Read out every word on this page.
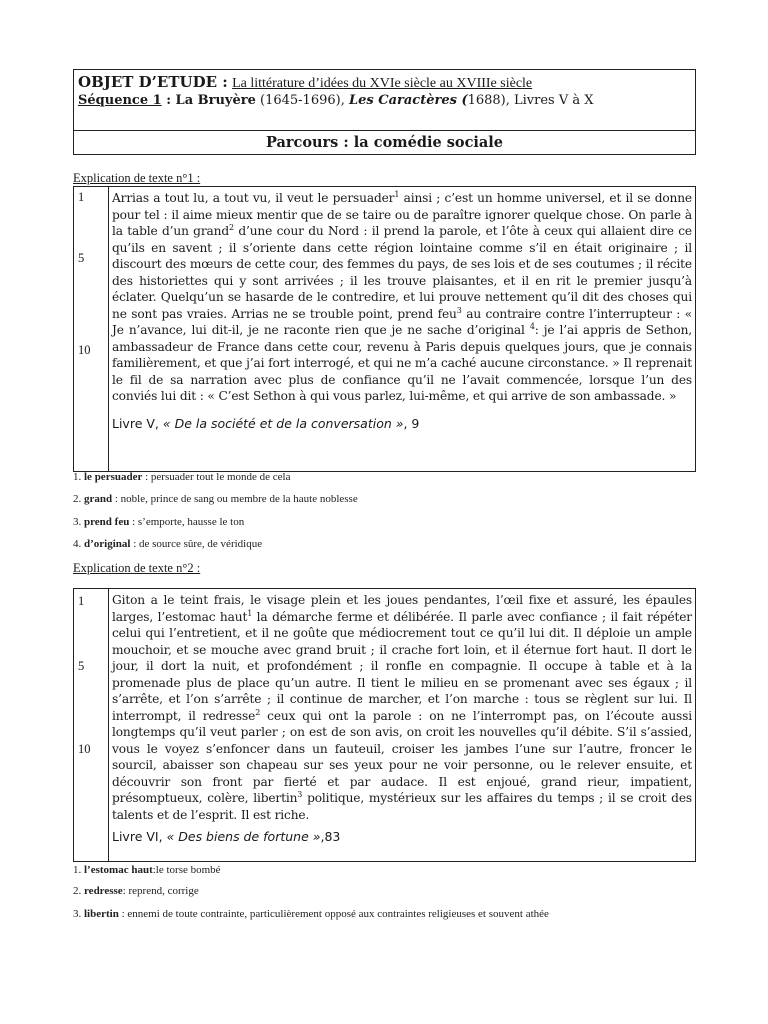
OBJET D’ETUDE : La littérature d’idées du XVIe siècle au XVIIIe siècle
Séquence 1 : La Bruyère (1645-1696), Les Caractères (1688), Livres V à X
Parcours : la comédie sociale
Explication de texte n°1 :
1
5
10

Arrias a tout lu, a tout vu, il veut le persuader$^1$ ainsi ; c’est un homme universel, et il se donne pour tel : il aime mieux mentir que de se taire ou de paraître ignorer quelque chose. On parle à la table d’un grand$^2$ d’une cour du Nord : il prend la parole, et l’ôte à ceux qui allaient dire ce qu’ils en savent ; il s’oriente dans cette région lointaine comme s’il en était originaire ; il discourt des mœurs de cette cour, des femmes du pays, de ses lois et de ses coutumes ; il récite des historiettes qui y sont arrivées ; il les trouve plaisantes, et il en rit le premier jusqu’à éclater. Quelqu’un se hasarde de le contredire, et lui prouve nettement qu’il dit des choses qui ne sont pas vraies. Arrias ne se trouble point, prend feu$^3$ au contraire contre l’interrupteur : « Je n’avance, lui dit-il, je ne raconte rien que je ne sache d’original $^4$: je l’ai appris de Sethon, ambassadeur de France dans cette cour, revenu à Paris depuis quelques jours, que je connais familièrement, et que j’ai fort interrogé, et qui ne m’a caché aucune circonstance. » Il reprenait le fil de sa narration avec plus de confiance qu’il ne l’avait commencée, lorsque l’un des conviés lui dit : « C’est Sethon à qui vous parlez, lui-même, et qui arrive de son ambassade. »

Livre V, « De la société et de la conversation », 9
1. le persuader : persuader tout le monde de cela
2. grand : noble, prince de sang ou membre de la haute noblesse
3. prend feu : s’emporte, hausse le ton
4. d’original : de source sûre, de véridique
Explication de texte n°2 :
1
5
10

Giton a le teint frais, le visage plein et les joues pendantes, l’œil fixe et assuré, les épaules larges, l’estomac haut$^1$ la démarche ferme et délibérée. Il parle avec confiance ; il fait répéter celui qui l’entretient, et il ne goûte que médiocrement tout ce qu’il lui dit. Il déploie un ample mouchoir, et se mouche avec grand bruit ; il crache fort loin, et il éternue fort haut. Il dort le jour, il dort la nuit, et profondément ; il ronfle en compagnie. Il occupe à table et à la promenade plus de place qu’un autre. Il tient le milieu en se promenant avec ses égaux ; il s’arrête, et l’on s’arrête ; il continue de marcher, et l’on marche : tous se règlent sur lui. Il interrompt, il redresse$^2$ ceux qui ont la parole : on ne l’interrompt pas, on l’écoute aussi longtemps qu’il veut parler ; on est de son avis, on croit les nouvelles qu’il débite. S’il s’assied, vous le voyez s’enfoncer dans un fauteuil, croiser les jambes l’une sur l’autre, froncer le sourcil, abaisser son chapeau sur ses yeux pour ne voir personne, ou le relever ensuite, et découvrir son front par fierté et par audace. Il est enjoué, grand rieur, impatient, présomptueux, colère, libertin$^3$ politique, mystérieux sur les affaires du temps ; il se croit des talents et de l’esprit. Il est riche.

Livre VI, « Des biens de fortune »,83
1. l’estomac haut:le torse bombé
2. redresse: reprend, corrige
3. libertin : ennemi de toute contrainte, particulièrement opposé aux contraintes religieuses et souvent athée
